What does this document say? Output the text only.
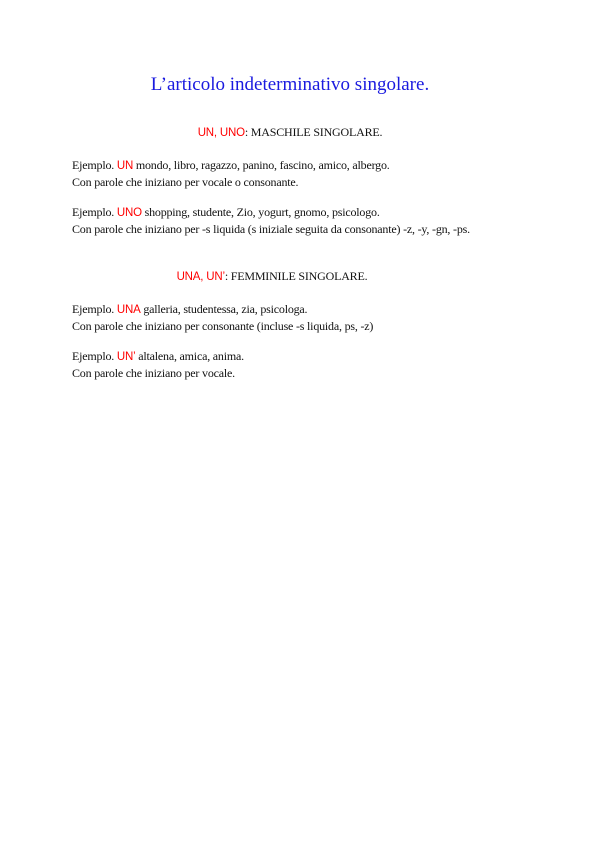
L’articolo indeterminativo singolare.
UN, UNO: MASCHILE SINGOLARE.
Ejemplo. UN mondo, libro, ragazzo, panino, fascino, amico, albergo.
Con parole che iniziano per vocale o consonante.
Ejemplo. UNO shopping, studente, Zio, yogurt, gnomo, psicologo.
Con parole che iniziano per -s liquida (s iniziale seguita da consonante) -z, -y, -gn, -ps.
UNA, UN’: FEMMINILE SINGOLARE.
Ejemplo. UNA galleria, studentessa, zia, psicologa.
Con parole che iniziano per consonante (incluse -s liquida, ps, -z)
Ejemplo. UN’ altalena, amica, anima.
Con parole che iniziano per vocale.
